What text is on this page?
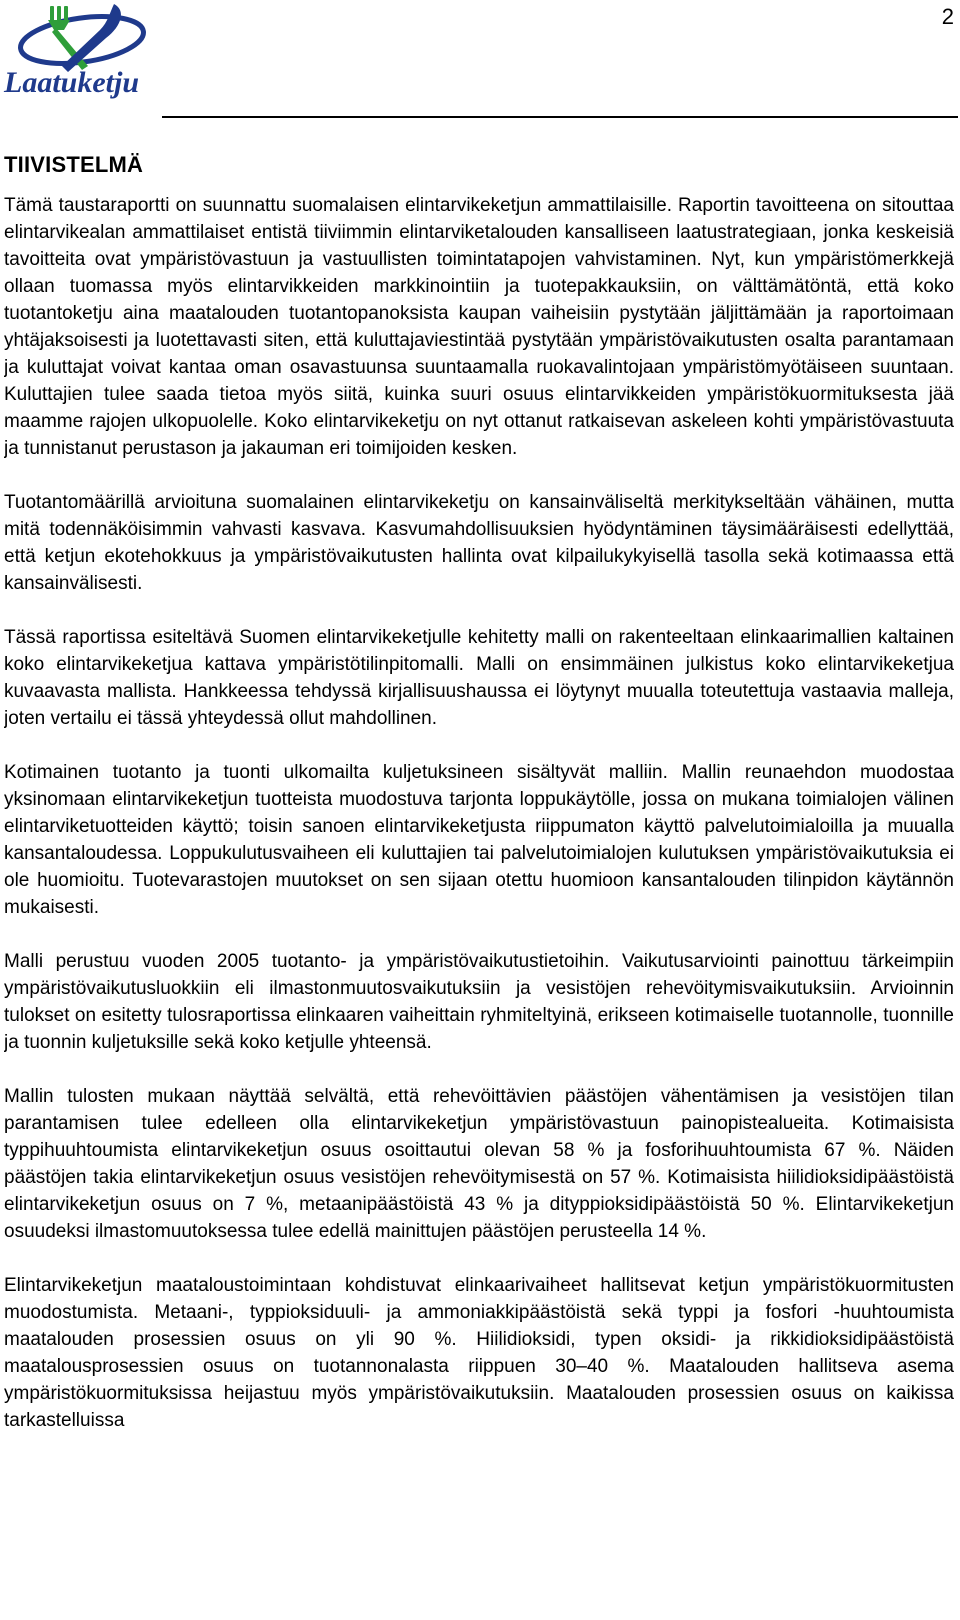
Laatuketju
2
TIIVISTELMÄ

Tämä taustaraportti on suunnattu suomalaisen elintarvikeketjun ammattilaisille. Raportin tavoitteena on sitouttaa elintarvikealan ammattilaiset entistä tiiviimmin elintarviketalouden kansalliseen laatustrategiaan, jonka keskeisiä tavoitteita ovat ympäristövastuun ja vastuullisten toimintatapojen vahvistaminen. Nyt, kun ympäristömerkkejä ollaan tuomassa myös elintarvikkeiden markkinointiin ja tuotepakkauksiin, on välttämätöntä, että koko tuotantoketju aina maatalouden tuotantopanoksista kaupan vaiheisiin pystytään jäljittämään ja raportoimaan yhtäjaksoisesti ja luotettavasti siten, että kuluttajaviestintää pystytään ympäristövaikutusten osalta parantamaan ja kuluttajat voivat kantaa oman osavastuunsa suuntaamalla ruokavalintojaan ympäristömyötäiseen suuntaan. Kuluttajien tulee saada tietoa myös siitä, kuinka suuri osuus elintarvikkeiden ympäristökuormituksesta jää maamme rajojen ulkopuolelle. Koko elintarvikeketju on nyt ottanut ratkaisevan askeleen kohti ympäristövastuuta ja tunnistanut perustason ja jakauman eri toimijoiden kesken.

Tuotantomäärillä arvioituna suomalainen elintarvikeketju on kansainväliseltä merkitykseltään vähäinen, mutta mitä todennäköisimmin vahvasti kasvava. Kasvumahdollisuuksien hyödyntäminen täysimääräisesti edellyttää, että ketjun ekotehokkuus ja ympäristövaikutusten hallinta ovat kilpailukykyisellä tasolla sekä kotimaassa että kansainvälisesti.

Tässä raportissa esiteltävä Suomen elintarvikeketjulle kehitetty malli on rakenteeltaan elinkaarimallien kaltainen koko elintarvikeketjua kattava ympäristötilinpitomalli. Malli on ensimmäinen julkistus koko elintarvikeketjua kuvaavasta mallista. Hankkeessa tehdyssä kirjallisuushaussa ei löytynyt muualla toteutettuja vastaavia malleja, joten vertailu ei tässä yhteydessä ollut mahdollinen.

Kotimainen tuotanto ja tuonti ulkomailta kuljetuksineen sisältyvät malliin. Mallin reunaehdon muodostaa yksinomaan elintarvikeketjun tuotteista muodostuva tarjonta loppukäytölle, jossa on mukana toimialojen välinen elintarviketuotteiden käyttö; toisin sanoen elintarvikeketjusta riippumaton käyttö palvelutoimialoilla ja muualla kansantaloudessa. Loppukulutusvaiheen eli kuluttajien tai palvelutoimialojen kulutuksen ympäristövaikutuksia ei ole huomioitu. Tuotevarastojen muutokset on sen sijaan otettu huomioon kansantalouden tilinpidon käytännön mukaisesti.

Malli perustuu vuoden 2005 tuotanto- ja ympäristövaikutustietoihin. Vaikutusarviointi painottuu tärkeimpiin ympäristövaikutusluokkiin eli ilmastonmuutosvaikutuksiin ja vesistöjen rehevöitymisvaikutuksiin. Arvioinnin tulokset on esitetty tulosraportissa elinkaaren vaiheittain ryhmiteltyinä, erikseen kotimaiselle tuotannolle, tuonnille ja tuonnin kuljetuksille sekä koko ketjulle yhteensä.

Mallin tulosten mukaan näyttää selvältä, että rehevöittävien päästöjen vähentämisen ja vesistöjen tilan parantamisen tulee edelleen olla elintarvikeketjun ympäristövastuun painopistealueita. Kotimaisista typpihuuhtoumista elintarvikeketjun osuus osoittautui olevan 58 % ja fosforihuuhtoumista 67 %. Näiden päästöjen takia elintarvikeketjun osuus vesistöjen rehevöitymisestä on 57 %. Kotimaisista hiilidioksidipäästöistä elintarvikeketjun osuus on 7 %, metaanipäästöistä 43 % ja dityppioksidipäästöistä 50 %. Elintarvikeketjun osuudeksi ilmastomuutoksessa tulee edellä mainittujen päästöjen perusteella 14 %.

Elintarvikeketjun maataloustoimintaan kohdistuvat elinkaarivaiheet hallitsevat ketjun ympäristökuormitusten muodostumista. Metaani-, typpioksiduuli- ja ammoniakkipäästöistä sekä typpi ja fosfori -huuhtoumista maatalouden prosessien osuus on yli 90 %. Hiilidioksidi, typen oksidi- ja rikkidioksidipäästöistä maatalousprosessien osuus on tuotannonalasta riippuen 30–40 %. Maatalouden hallitseva asema ympäristökuormituksissa heijastuu myös ympäristövaikutuksiin. Maatalouden prosessien osuus on kaikissa tarkastelluissa
